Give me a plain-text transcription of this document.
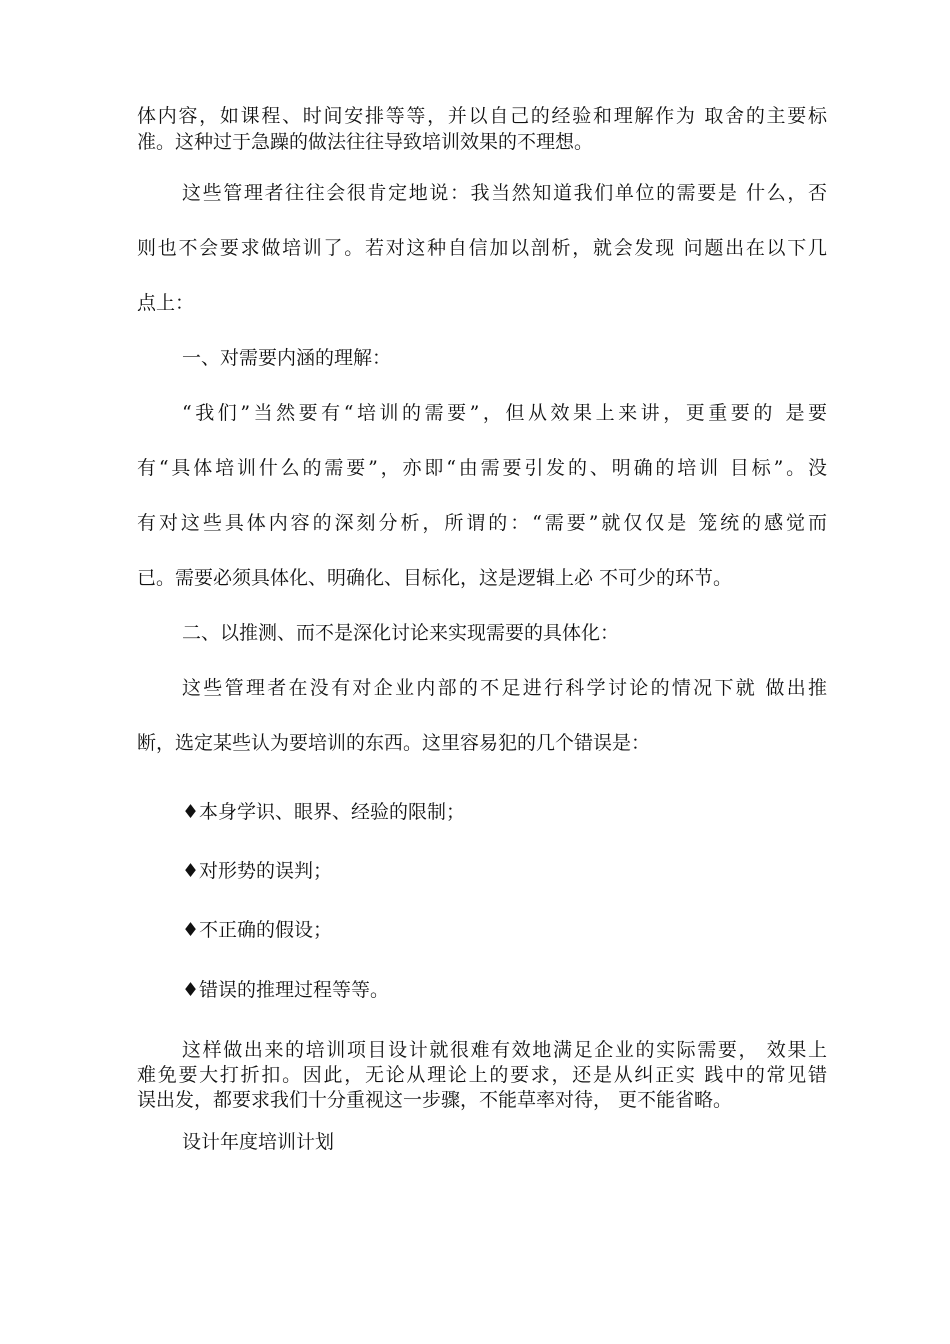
体内容，如课程、时间安排等等，并以自己的经验和理解作为 取舍的主要标
准。这种过于急躁的做法往往导致培训效果的不理想。
这些管理者往往会很肯定地说：我当然知道我们单位的需要是 什么，否
则也不会要求做培训了。若对这种自信加以剖析，就会发现 问题出在以下几
点上：
一、对需要内涵的理解：
“我们”当然要有“培训的需要”，但从效果上来讲，更重要的 是要
有“具体培训什么的需要”，亦即“由需要引发的、明确的培训 目标”。没
有对这些具体内容的深刻分析，所谓的：“需要”就仅仅是 笼统的感觉而
已。需要必须具体化、明确化、目标化，这是逻辑上必 不可少的环节。
二、以推测、而不是深化讨论来实现需要的具体化：
这些管理者在没有对企业内部的不足进行科学讨论的情况下就 做出推
断，选定某些认为要培训的东西。这里容易犯的几个错误是：
♦本身学识、眼界、经验的限制；
♦对形势的误判；
♦不正确的假设；
♦错误的推理过程等等。
这样做出来的培训项目设计就很难有效地满足企业的实际需要， 效果上
难免要大打折扣。因此，无论从理论上的要求，还是从纠正实 践中的常见错
误出发，都要求我们十分重视这一步骤，不能草率对待， 更不能省略。
设计年度培训计划
